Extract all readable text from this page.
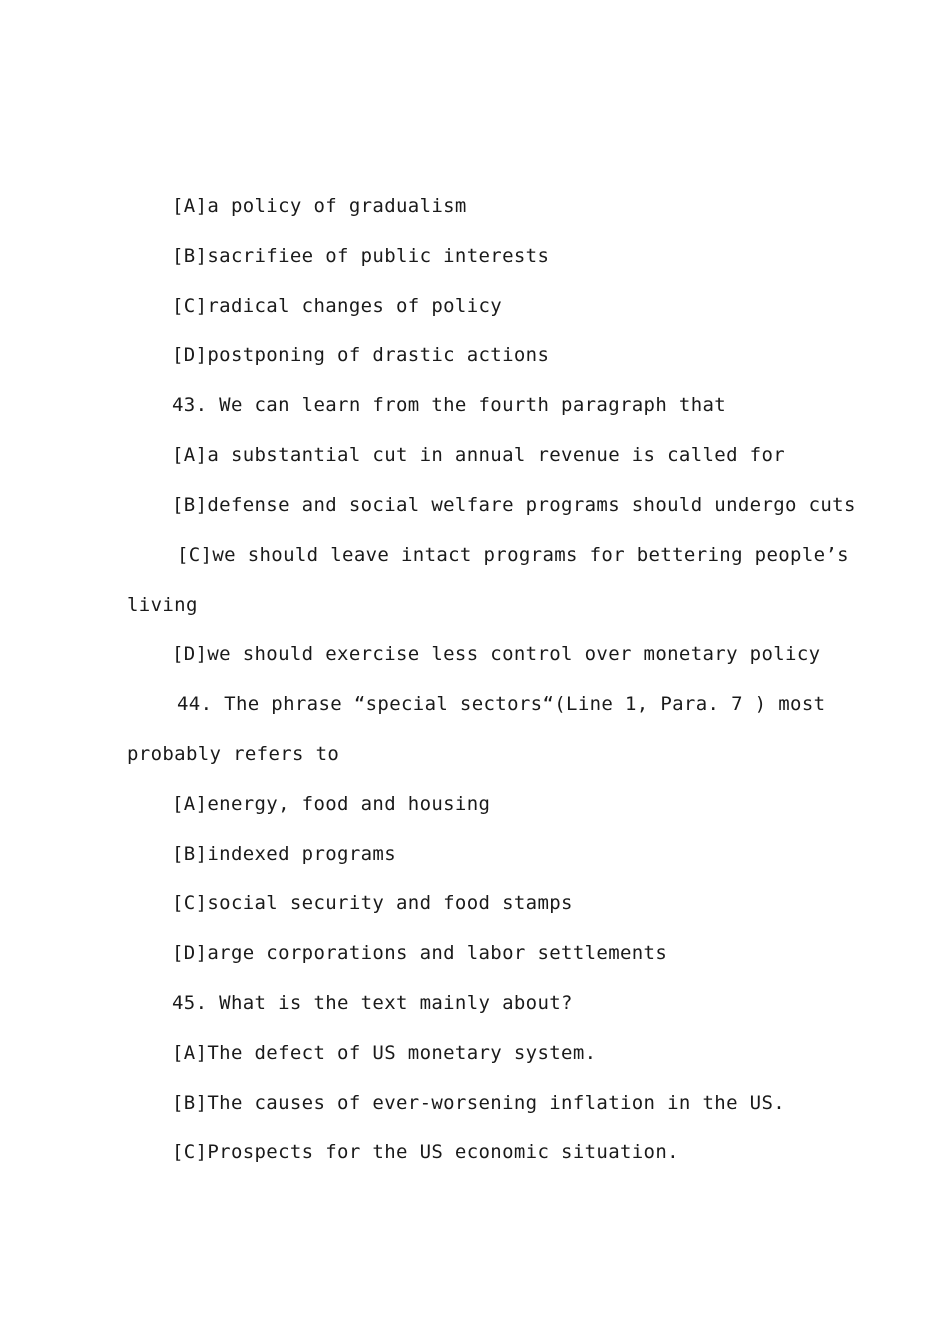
[A]a policy of gradualism
[B]sacrifiee of public interests
[C]radical changes of policy
[D]postponing of drastic actions
43. We can learn from the fourth paragraph that
[A]a substantial cut in annual revenue is called for
[B]defense and social welfare programs should undergo cuts
[C]we should leave intact programs for bettering people’s
living
[D]we should exercise less control over monetary policy
44. The phrase “special sectors“(Line 1, Para. 7 ) most
probably refers to
[A]energy, food and housing
[B]indexed programs
[C]social security and food stamps
[D]arge corporations and labor settlements
45. What is the text mainly about?
[A]The defect of US monetary system.
[B]The causes of ever-worsening inflation in the US.
[C]Prospects for the US economic situation.
